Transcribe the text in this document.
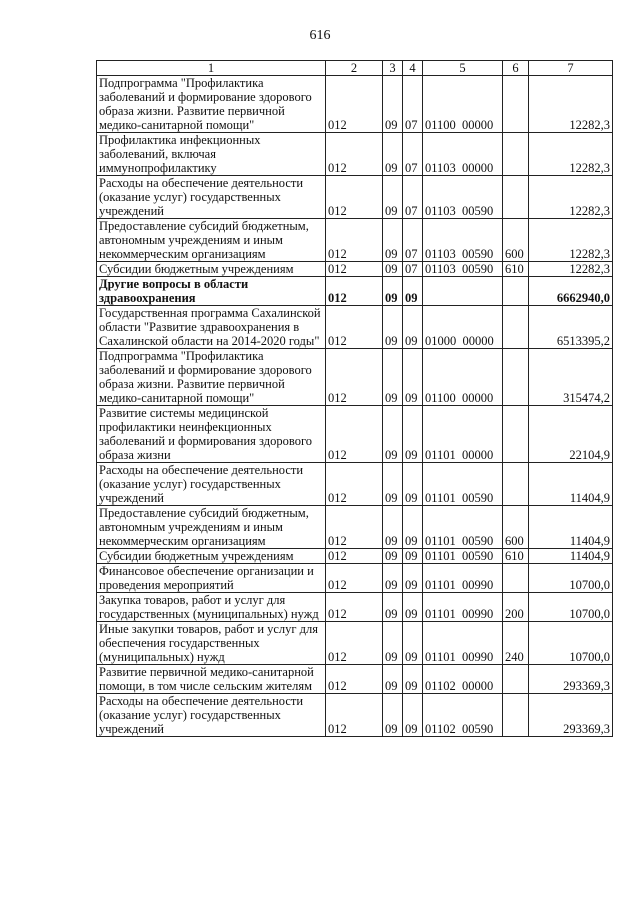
616
1	2	3	4	5	6	7
Подпрограмма "Профилактика заболеваний и формирование здорового образа жизни. Развитие первичной медико-санитарной помощи"	012	09	07	01100  00000		12282,3
Профилактика инфекционных заболеваний, включая иммунопрофилактику	012	09	07	01103  00000		12282,3
Расходы на обеспечение деятельности (оказание услуг) государственных учреждений	012	09	07	01103  00590		12282,3
Предоставление субсидий бюджетным, автономным учреждениям и иным некоммерческим организациям	012	09	07	01103  00590	600	12282,3
Субсидии бюджетным учреждениям	012	09	07	01103  00590	610	12282,3
Другие вопросы в области здравоохранения	012	09	09			6662940,0
Государственная программа Сахалинской области "Развитие здравоохранения в Сахалинской области на 2014-2020 годы"	012	09	09	01000  00000		6513395,2
Подпрограмма "Профилактика заболеваний и формирование здорового образа жизни. Развитие первичной медико-санитарной помощи"	012	09	09	01100  00000		315474,2
Развитие системы медицинской профилактики неинфекционных заболеваний и формирования здорового образа жизни	012	09	09	01101  00000		22104,9
Расходы на обеспечение деятельности (оказание услуг) государственных учреждений	012	09	09	01101  00590		11404,9
Предоставление субсидий бюджетным, автономным учреждениям и иным некоммерческим организациям	012	09	09	01101  00590	600	11404,9
Субсидии бюджетным учреждениям	012	09	09	01101  00590	610	11404,9
Финансовое обеспечение организации и проведения мероприятий	012	09	09	01101  00990		10700,0
Закупка товаров, работ и услуг для государственных (муниципальных) нужд	012	09	09	01101  00990	200	10700,0
Иные закупки товаров, работ и услуг для обеспечения государственных (муниципальных) нужд	012	09	09	01101  00990	240	10700,0
Развитие первичной медико-санитарной помощи, в том числе сельским жителям	012	09	09	01102  00000		293369,3
Расходы на обеспечение деятельности (оказание услуг) государственных учреждений	012	09	09	01102  00590		293369,3
